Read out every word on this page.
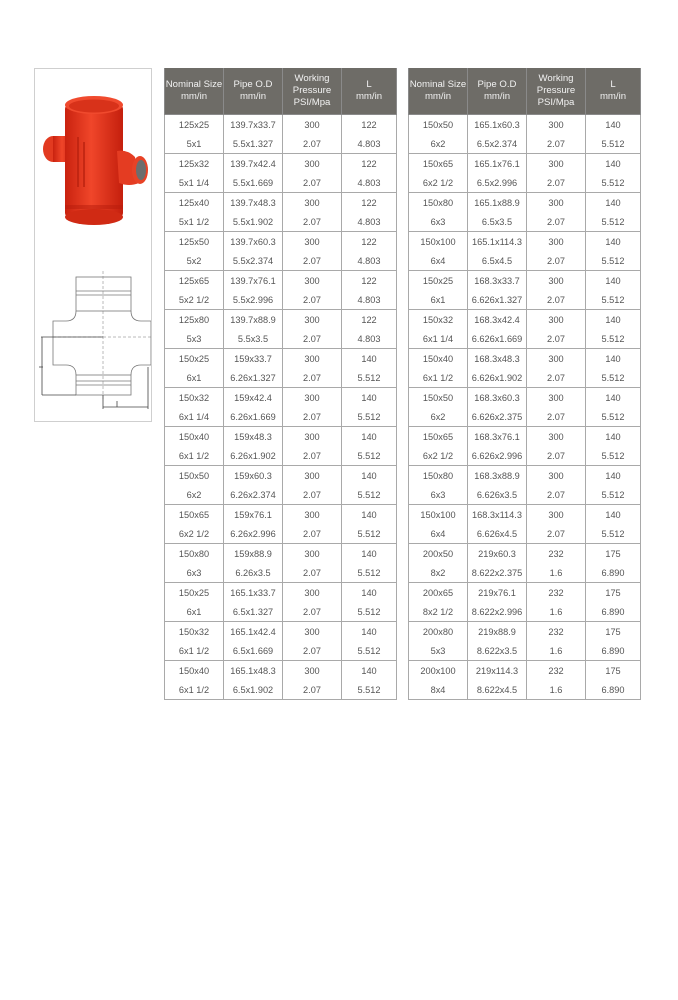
Nominal Size
mm/in	Pipe O.D
mm/in	Working
Pressure
PSI/Mpa	L
mm/in
125x25	139.7x33.7	300	122
5x1	5.5x1.327	2.07	4.803
125x32	139.7x42.4	300	122
5x1 1/4	5.5x1.669	2.07	4.803
125x40	139.7x48.3	300	122
5x1 1/2	5.5x1.902	2.07	4.803
125x50	139.7x60.3	300	122
5x2	5.5x2.374	2.07	4.803
125x65	139.7x76.1	300	122
5x2 1/2	5.5x2.996	2.07	4.803
125x80	139.7x88.9	300	122
5x3	5.5x3.5	2.07	4.803
150x25	159x33.7	300	140
6x1	6.26x1.327	2.07	5.512
150x32	159x42.4	300	140
6x1 1/4	6.26x1.669	2.07	5.512
150x40	159x48.3	300	140
6x1 1/2	6.26x1.902	2.07	5.512
150x50	159x60.3	300	140
6x2	6.26x2.374	2.07	5.512
150x65	159x76.1	300	140
6x2 1/2	6.26x2.996	2.07	5.512
150x80	159x88.9	300	140
6x3	6.26x3.5	2.07	5.512
150x25	165.1x33.7	300	140
6x1	6.5x1.327	2.07	5.512
150x32	165.1x42.4	300	140
6x1 1/2	6.5x1.669	2.07	5.512
150x40	165.1x48.3	300	140
6x1 1/2	6.5x1.902	2.07	5.512
Nominal Size
mm/in	Pipe O.D
mm/in	Working
Pressure
PSI/Mpa	L
mm/in
150x50	165.1x60.3	300	140
6x2	6.5x2.374	2.07	5.512
150x65	165.1x76.1	300	140
6x2 1/2	6.5x2.996	2.07	5.512
150x80	165.1x88.9	300	140
6x3	6.5x3.5	2.07	5.512
150x100	165.1x114.3	300	140
6x4	6.5x4.5	2.07	5.512
150x25	168.3x33.7	300	140
6x1	6.626x1.327	2.07	5.512
150x32	168.3x42.4	300	140
6x1 1/4	6.626x1.669	2.07	5.512
150x40	168.3x48.3	300	140
6x1 1/2	6.626x1.902	2.07	5.512
150x50	168.3x60.3	300	140
6x2	6.626x2.375	2.07	5.512
150x65	168.3x76.1	300	140
6x2 1/2	6.626x2.996	2.07	5.512
150x80	168.3x88.9	300	140
6x3	6.626x3.5	2.07	5.512
150x100	168.3x114.3	300	140
6x4	6.626x4.5	2.07	5.512
200x50	219x60.3	232	175
8x2	8.622x2.375	1.6	6.890
200x65	219x76.1	232	175
8x2 1/2	8.622x2.996	1.6	6.890
200x80	219x88.9	232	175
5x3	8.622x3.5	1.6	6.890
200x100	219x114.3	232	175
8x4	8.622x4.5	1.6	6.890
